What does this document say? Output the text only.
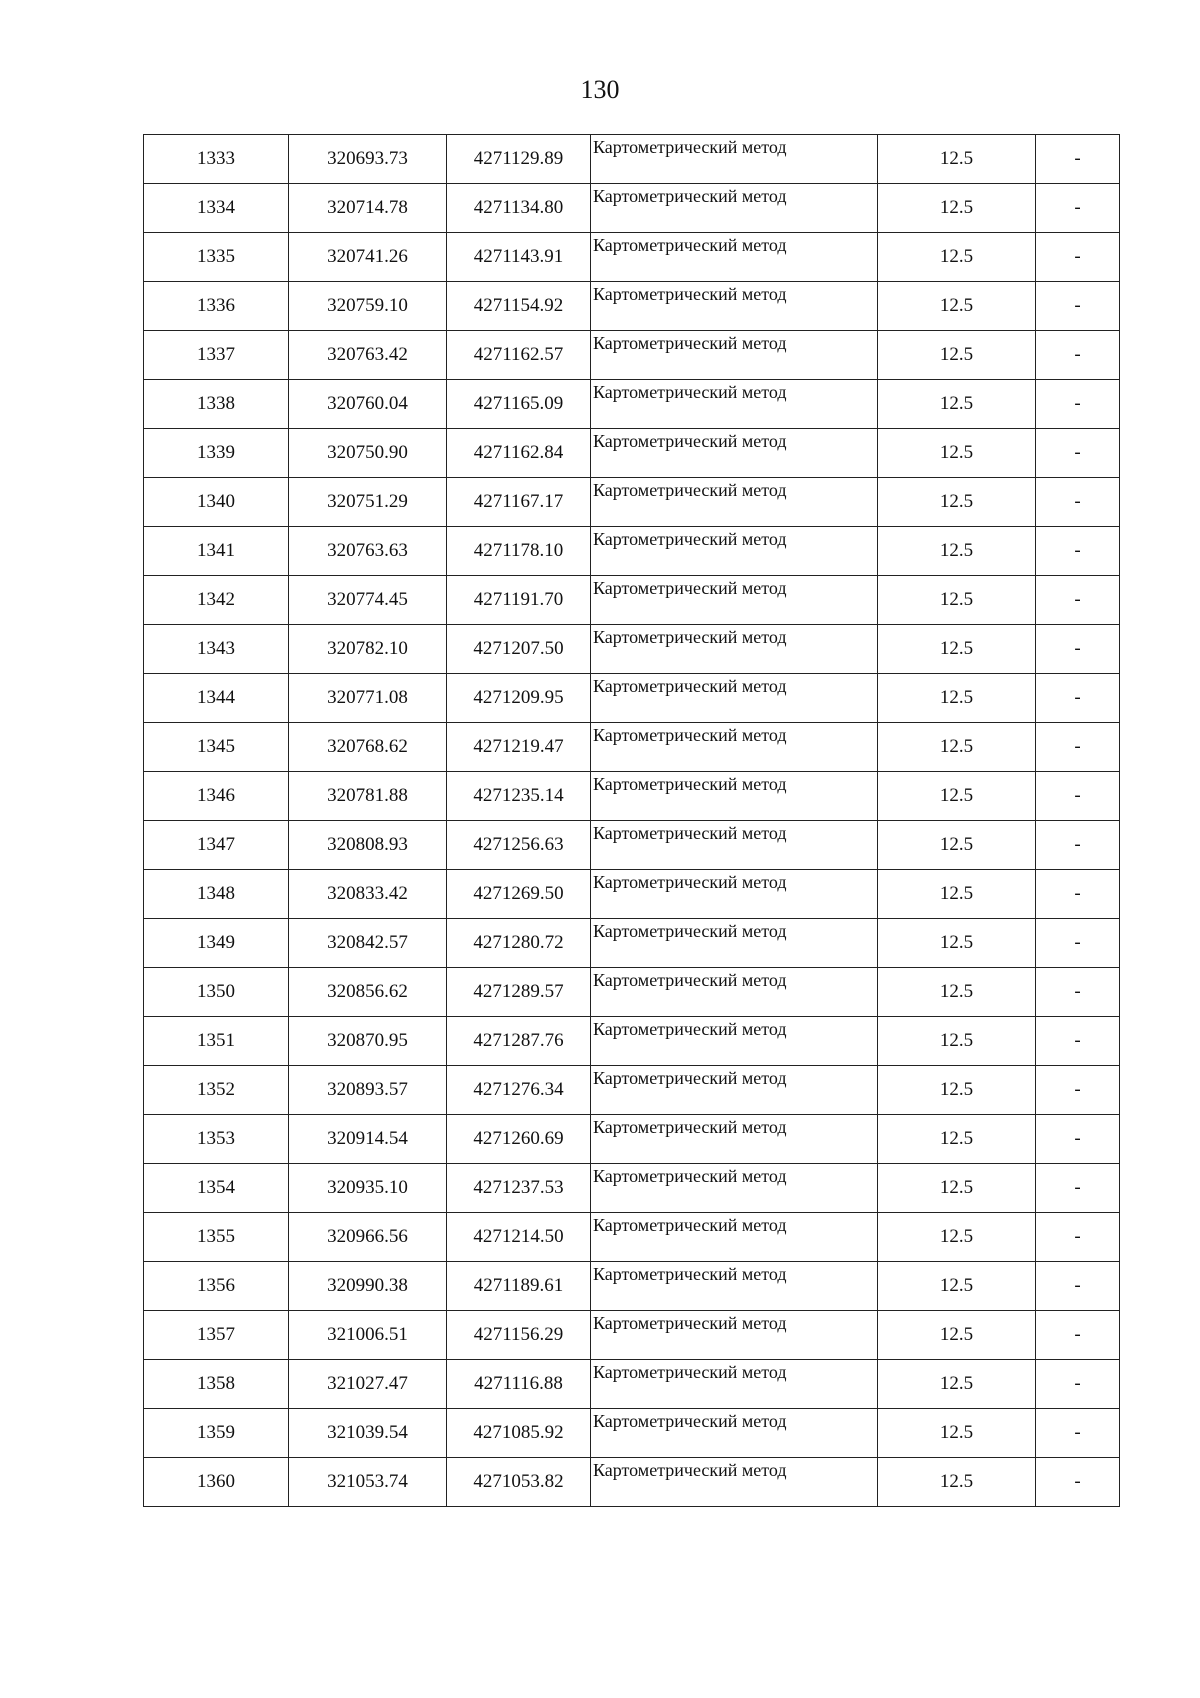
130
1333	320693.73	4271129.89	Картометрический метод	12.5	-
1334	320714.78	4271134.80	Картометрический метод	12.5	-
1335	320741.26	4271143.91	Картометрический метод	12.5	-
1336	320759.10	4271154.92	Картометрический метод	12.5	-
1337	320763.42	4271162.57	Картометрический метод	12.5	-
1338	320760.04	4271165.09	Картометрический метод	12.5	-
1339	320750.90	4271162.84	Картометрический метод	12.5	-
1340	320751.29	4271167.17	Картометрический метод	12.5	-
1341	320763.63	4271178.10	Картометрический метод	12.5	-
1342	320774.45	4271191.70	Картометрический метод	12.5	-
1343	320782.10	4271207.50	Картометрический метод	12.5	-
1344	320771.08	4271209.95	Картометрический метод	12.5	-
1345	320768.62	4271219.47	Картометрический метод	12.5	-
1346	320781.88	4271235.14	Картометрический метод	12.5	-
1347	320808.93	4271256.63	Картометрический метод	12.5	-
1348	320833.42	4271269.50	Картометрический метод	12.5	-
1349	320842.57	4271280.72	Картометрический метод	12.5	-
1350	320856.62	4271289.57	Картометрический метод	12.5	-
1351	320870.95	4271287.76	Картометрический метод	12.5	-
1352	320893.57	4271276.34	Картометрический метод	12.5	-
1353	320914.54	4271260.69	Картометрический метод	12.5	-
1354	320935.10	4271237.53	Картометрический метод	12.5	-
1355	320966.56	4271214.50	Картометрический метод	12.5	-
1356	320990.38	4271189.61	Картометрический метод	12.5	-
1357	321006.51	4271156.29	Картометрический метод	12.5	-
1358	321027.47	4271116.88	Картометрический метод	12.5	-
1359	321039.54	4271085.92	Картометрический метод	12.5	-
1360	321053.74	4271053.82	Картометрический метод	12.5	-
